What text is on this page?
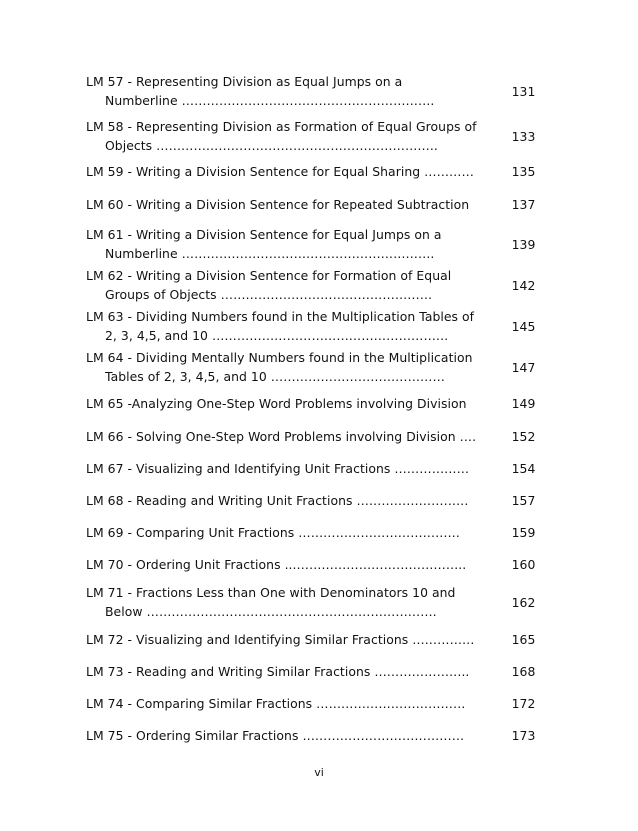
LM 57 - Representing Division as Equal Jumps on a
Numberline …………………………………………………….
131
LM 58 - Representing Division as Formation of Equal Groups of
Objects …………………………………………………………..
133
LM 59 - Writing a Division Sentence for Equal Sharing …………	135
LM 60 - Writing a Division Sentence for Repeated Subtraction	137
LM 61 - Writing a Division Sentence for Equal Jumps on a
Numberline …………………………………………………….
139
LM 62 - Writing a Division Sentence for Formation of Equal
Groups of Objects ……………………………………………
142
LM 63 - Dividing Numbers found in the Multiplication Tables of
2, 3, 4,5, and 10 …………………………………………………
145
LM 64 - Dividing Mentally Numbers found in the Multiplication
Tables of 2, 3, 4,5, and 10 ……………………………………
147
LM 65 -Analyzing One-Step Word Problems involving Division	149
LM 66 - Solving One-Step Word Problems involving Division ….	152
LM 67 - Visualizing and Identifying Unit Fractions ………………	154
LM 68 - Reading and Writing Unit Fractions ………………………	157
LM 69 - Comparing Unit Fractions …………………………………	159
LM 70 - Ordering Unit Fractions ...…………………………………..	160
LM 71 - Fractions Less than One with Denominators 10 and
Below …………………………………………………………….
162
LM 72 - Visualizing and Identifying Similar Fractions ……………	165
LM 73 - Reading and Writing Similar Fractions …………………..	168
LM 74 - Comparing Similar Fractions ………………………………	172
LM 75 - Ordering Similar Fractions …………………………………	173
vi
